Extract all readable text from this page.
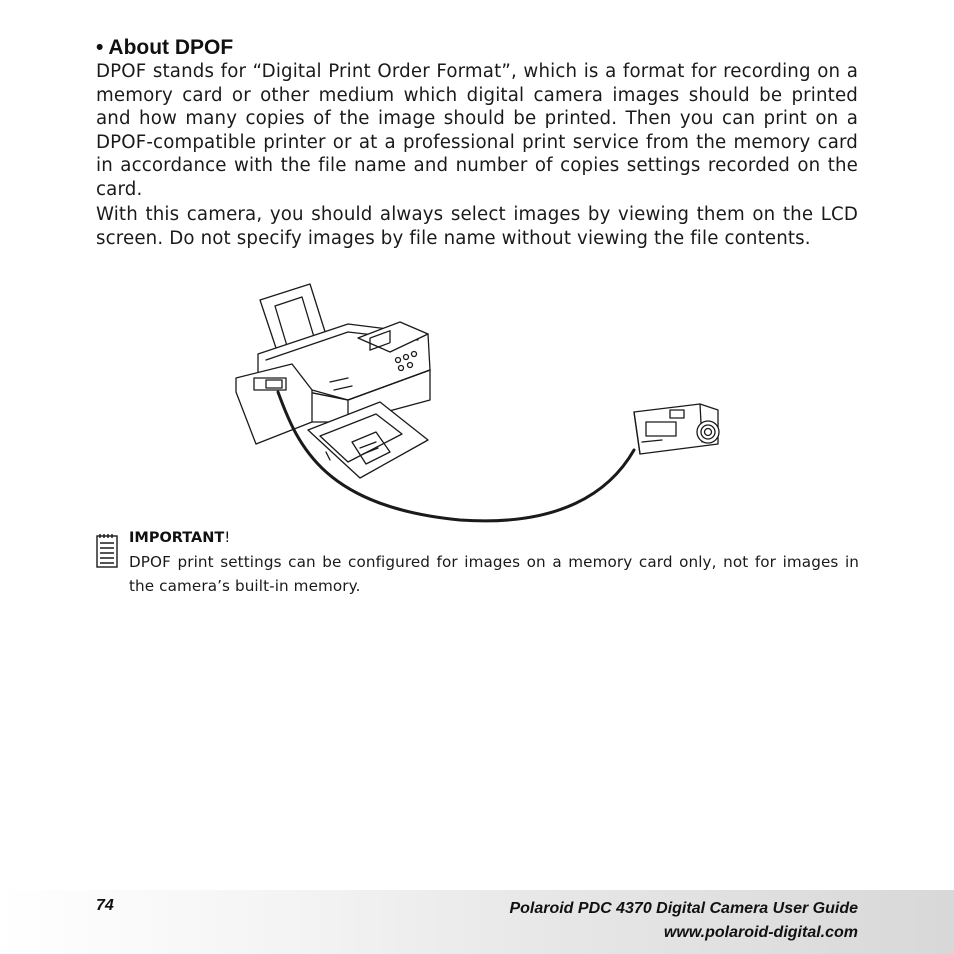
• About DPOF

DPOF stands for “Digital Print Order Format”, which is a format for recording on a memory card or other medium which digital camera images should be printed and how many copies of the image should be printed. Then you can print on a DPOF-compatible printer or at a professional print service from the memory card in accordance with the file name and number of copies settings recorded on the card.

With this camera, you should always select images by viewing them on the LCD screen. Do not specify images by file name without viewing the file contents.

IMPORTANT!

DPOF print settings can be configured for images on a memory card only, not for images in the camera’s built-in memory.

74	Polaroid PDC 4370 Digital Camera User Guide
www.polaroid-digital.com
